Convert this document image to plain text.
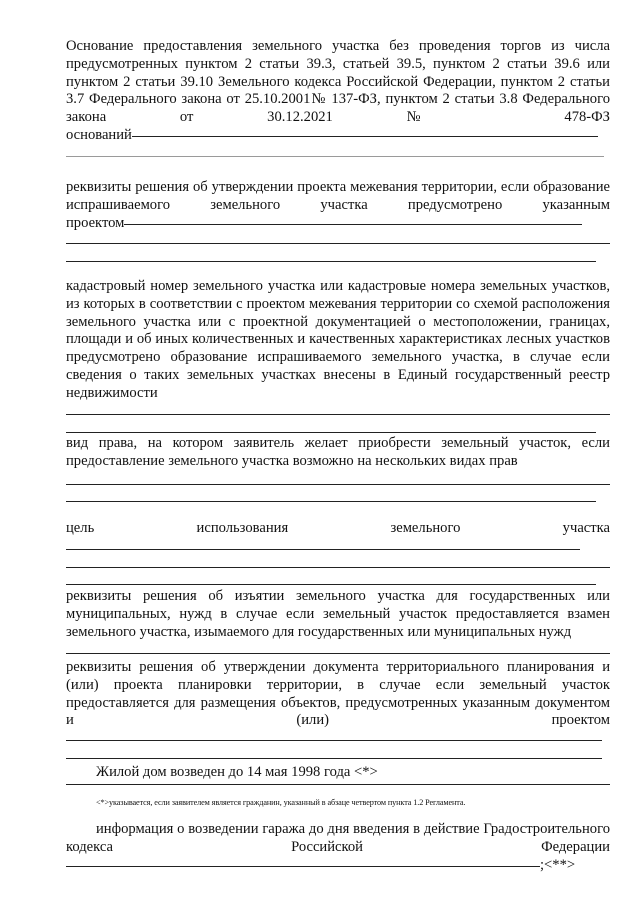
Основание предоставления земельного участка без проведения торгов из числа предусмотренных пунктом 2 статьи 39.3, статьей 39.5, пунктом 2 статьи 39.6 или пунктом 2 статьи 39.10 Земельного кодекса Российской Федерации, пунктом 2 статьи 3.7 Федерального закона от 25.10.2001№ 137-ФЗ, пунктом 2 статьи 3.8 Федерального закона от 30.12.2021 № 478-ФЗ

оснований

реквизиты решения об утверждении проекта межевания территории, если образование испрашиваемого земельного участка предусмотрено указанным

проектом

кадастровый номер земельного участка или кадастровые номера земельных участков, из которых в соответствии с проектом межевания территории со схемой расположения земельного участка или с проектной документацией о местоположении, границах, площади и об иных количественных и качественных характеристиках лесных участков предусмотрено образование испрашиваемого земельного участка, в случае если сведения о таких земельных участках внесены в Единый государственный реестр недвижимости

вид права, на котором заявитель желает приобрести земельный участок, если предоставление земельного участка возможно на нескольких видах прав

цель использования земельного участка

реквизиты решения об изъятии земельного участка для государственных или муниципальных, нужд в случае если земельный участок предоставляется взамен земельного участка, изымаемого для государственных или муниципальных нужд

реквизиты решения об утверждении документа территориального планирования и (или) проекта планировки территории, в случае если земельный участок предоставляется для размещения объектов, предусмотренных указанным документом и (или) проектом

Жилой дом возведен до 14 мая 1998 года <*>

<*>указывается, если заявителем является гражданин, указанный в абзаце четвертом пункта 1.2 Регламента.

информация о возведении гаража до дня введения в действие Градостроительного кодекса Российской Федерации

;<**>
